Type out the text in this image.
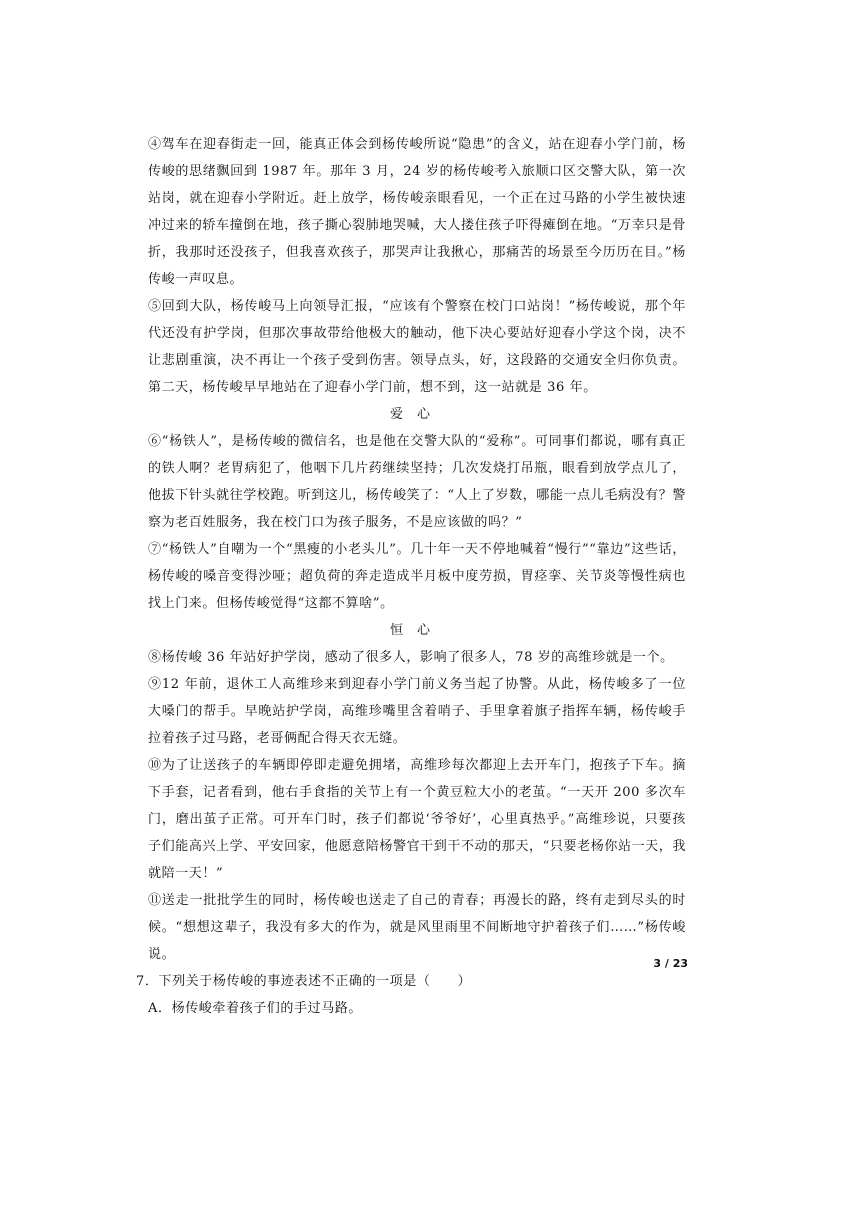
④驾车在迎春街走一回，能真正体会到杨传峻所说“隐患”的含义，站在迎春小学门前，杨传峻的思绪飘回到 1987 年。那年 3 月，24 岁的杨传峻考入旅顺口区交警大队，第一次站岗，就在迎春小学附近。赶上放学，杨传峻亲眼看见，一个正在过马路的小学生被快速冲过来的轿车撞倒在地，孩子撕心裂肺地哭喊，大人搂住孩子吓得瘫倒在地。“万幸只是骨折，我那时还没孩子，但我喜欢孩子，那哭声让我揪心，那痛苦的场景至今历历在目。”杨传峻一声叹息。

⑤回到大队，杨传峻马上向领导汇报，“应该有个警察在校门口站岗！”杨传峻说，那个年代还没有护学岗，但那次事故带给他极大的触动，他下决心要站好迎春小学这个岗，决不让悲剧重演，决不再让一个孩子受到伤害。领导点头，好，这段路的交通安全归你负责。第二天，杨传峻早早地站在了迎春小学门前，想不到，这一站就是 36 年。

爱心

⑥“杨铁人”，是杨传峻的微信名，也是他在交警大队的“爱称”。可同事们都说，哪有真正的铁人啊？老胃病犯了，他咽下几片药继续坚持；几次发烧打吊瓶，眼看到放学点儿了，他拔下针头就往学校跑。听到这儿，杨传峻笑了：“人上了岁数，哪能一点儿毛病没有？警察为老百姓服务，我在校门口为孩子服务，不是应该做的吗？”

⑦“杨铁人”自嘲为一个“黑瘦的小老头儿”。几十年一天不停地喊着“慢行”“靠边”这些话，杨传峻的嗓音变得沙哑；超负荷的奔走造成半月板中度劳损，胃痉挛、关节炎等慢性病也找上门来。但杨传峻觉得“这都不算啥”。

恒心

⑧杨传峻 36 年站好护学岗，感动了很多人，影响了很多人，78 岁的高维珍就是一个。

⑨12 年前，退休工人高维珍来到迎春小学门前义务当起了协警。从此，杨传峻多了一位大嗓门的帮手。早晚站护学岗，高维珍嘴里含着哨子、手里拿着旗子指挥车辆，杨传峻手拉着孩子过马路，老哥俩配合得天衣无缝。

⑩为了让送孩子的车辆即停即走避免拥堵，高维珍每次都迎上去开车门，抱孩子下车。摘下手套，记者看到，他右手食指的关节上有一个黄豆粒大小的老茧。“一天开 200 多次车门，磨出茧子正常。可开车门时，孩子们都说‘爷爷好’，心里真热乎。”高维珍说，只要孩子们能高兴上学、平安回家，他愿意陪杨警官干到干不动的那天，“只要老杨你站一天，我就陪一天！”

⑪送走一批批学生的同时，杨传峻也送走了自己的青春；再漫长的路，终有走到尽头的时候。“想想这辈子，我没有多大的作为，就是风里雨里不间断地守护着孩子们……”杨传峻说。

7．下列关于杨传峻的事迹表述不正确的一项是（　　）

A．杨传峻牵着孩子们的手过马路。

3 / 23
